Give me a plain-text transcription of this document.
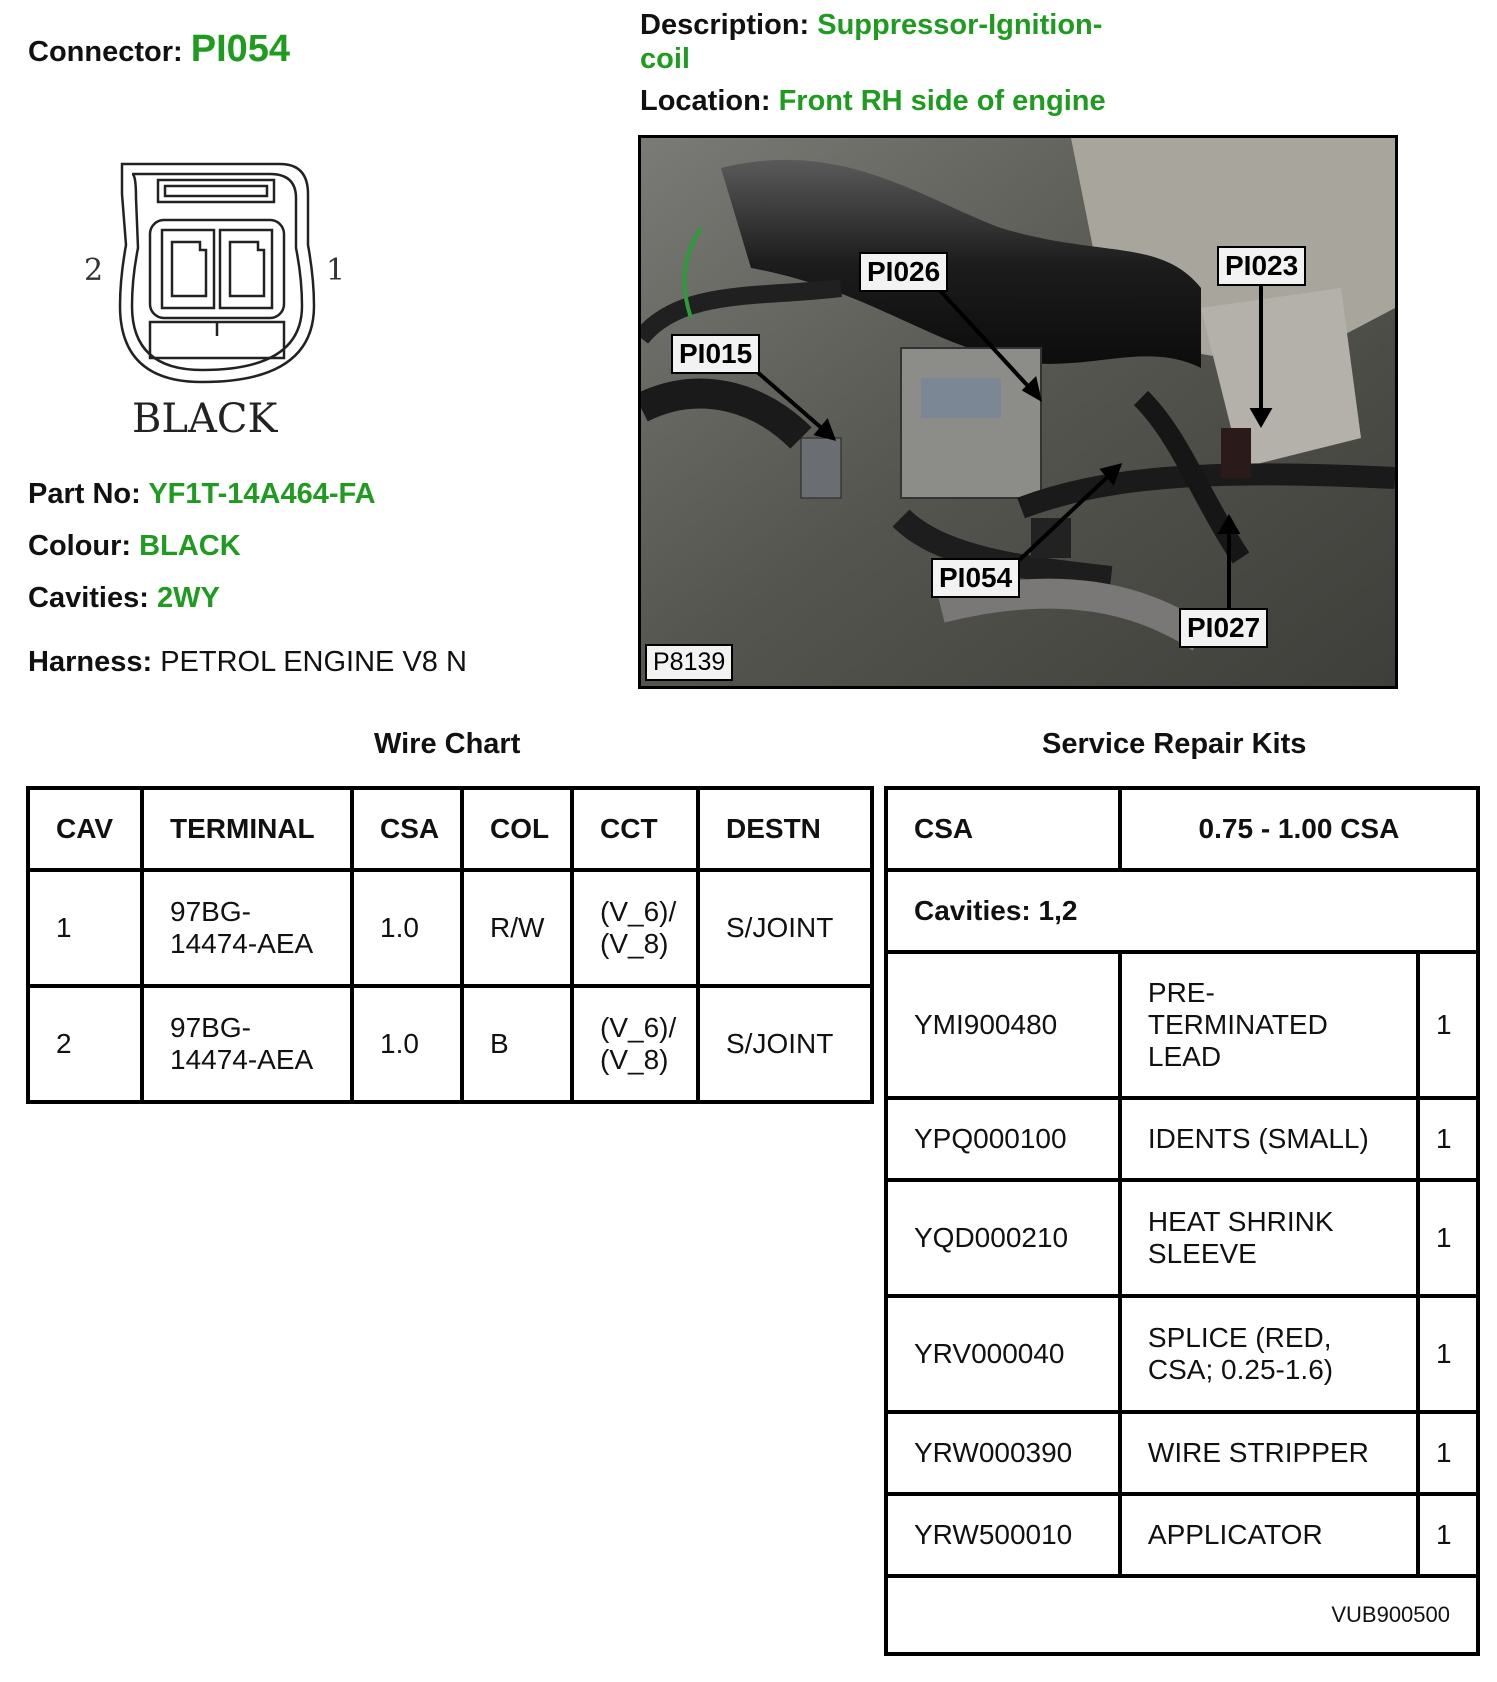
Connector: PI054
Description: Suppressor-Ignition-
coil
Location: Front RH side of engine
2	1
BLACK
Part No: YF1T-14A464-FA
Colour: BLACK
Cavities: 2WY
Harness: PETROL ENGINE V8 N
PI026	PI023
PI015
PI054
PI027
P8139
Wire Chart
CAV	TERMINAL	CSA	COL	CCT	DESTN
1	97BG-
14474-AEA	1.0	R/W	(V_6)/
(V_8)	S/JOINT
2	97BG-
14474-AEA	1.0	B	(V_6)/
(V_8)	S/JOINT
Service Repair Kits
CSA	0.75 - 1.00 CSA	
Cavities: 1,2		
YMI900480	PRE-
TERMINATED
LEAD	1
YPQ000100	IDENTS (SMALL)	1
YQD000210	HEAT SHRINK
SLEEVE	1
YRV000040	SPLICE (RED,
CSA; 0.25-1.6)	1
YRW000390	WIRE STRIPPER	1
YRW500010	APPLICATOR	1
VUB900500		
